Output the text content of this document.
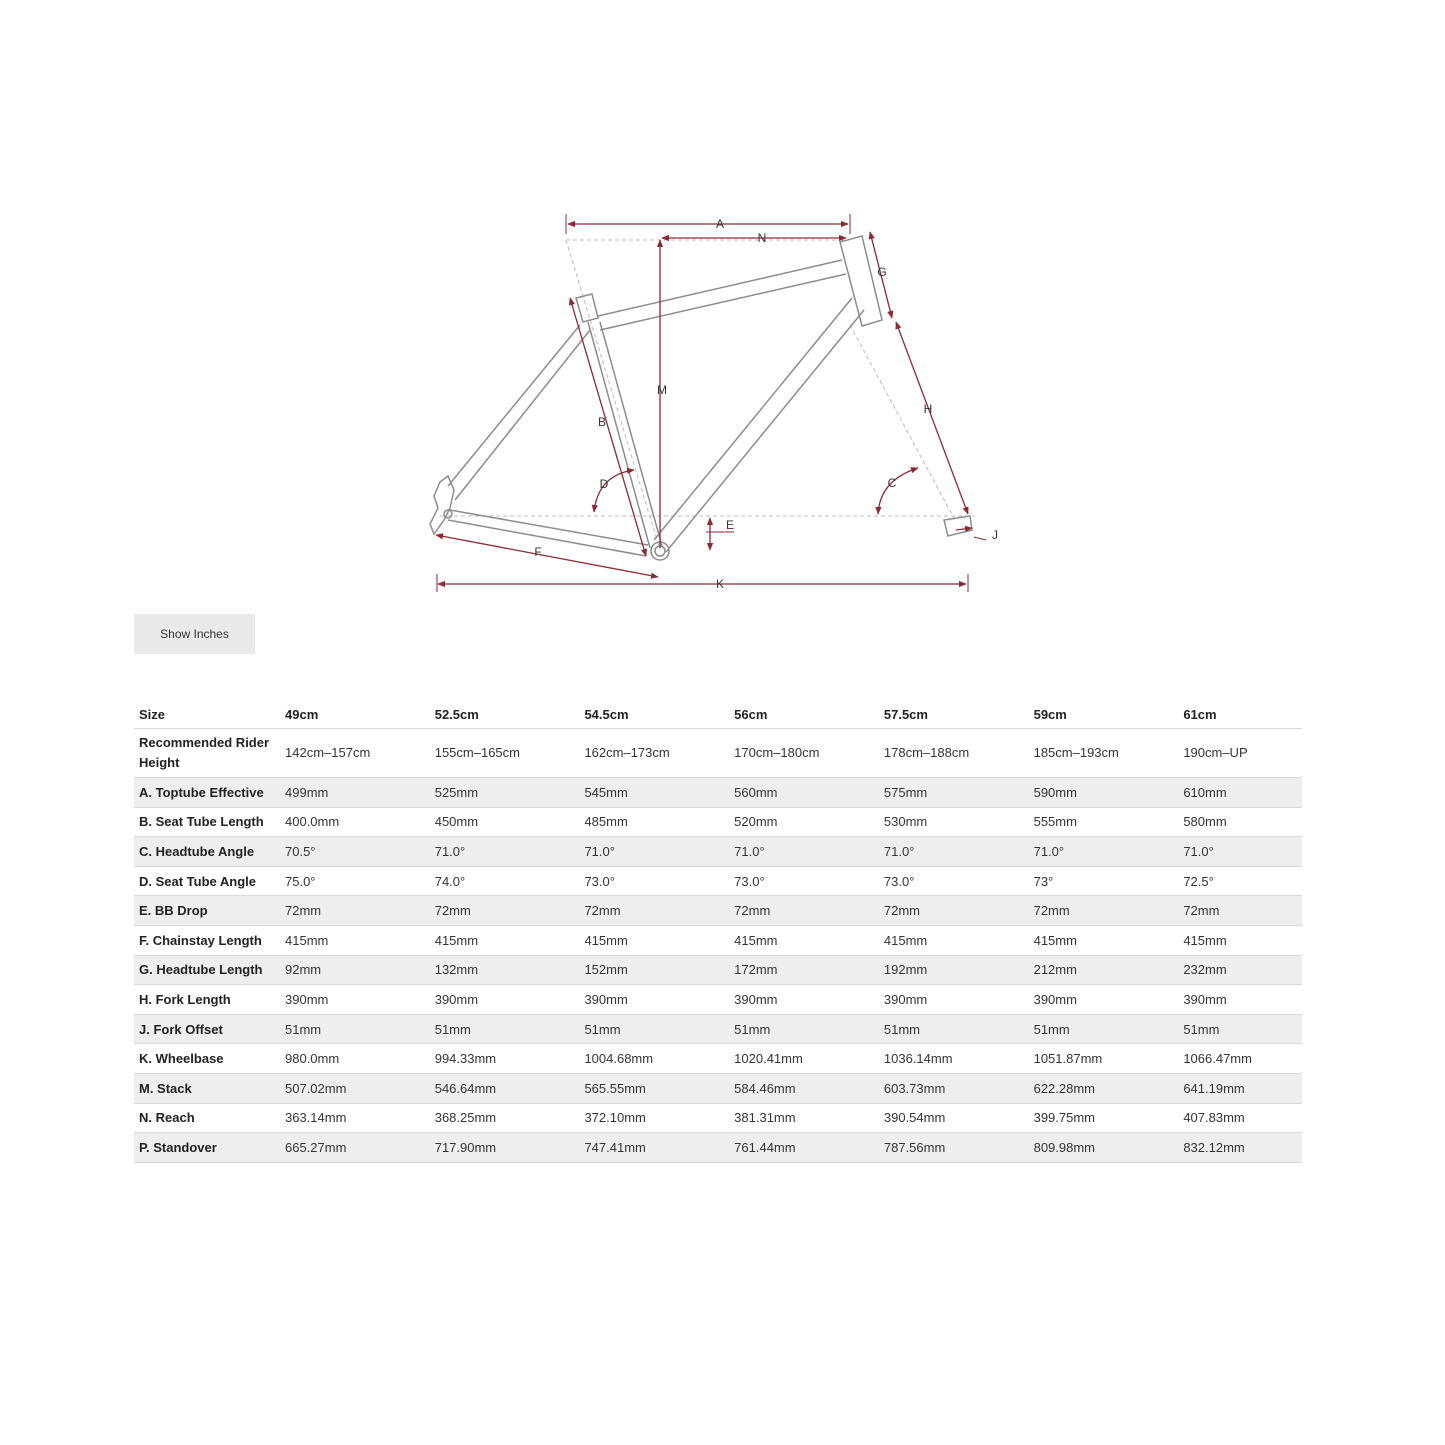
A
N
G
M
B
H
D	C
E
J
F
K
Show Inches
Size	49cm	52.5cm	54.5cm	56cm	57.5cm	59cm	61cm
Recommended Rider Height	142cm–157cm	155cm–165cm	162cm–173cm	170cm–180cm	178cm–188cm	185cm–193cm	190cm–UP
A. Toptube Effective	499mm	525mm	545mm	560mm	575mm	590mm	610mm
B. Seat Tube Length	400.0mm	450mm	485mm	520mm	530mm	555mm	580mm
C. Headtube Angle	70.5°	71.0°	71.0°	71.0°	71.0°	71.0°	71.0°
D. Seat Tube Angle	75.0°	74.0°	73.0°	73.0°	73.0°	73°	72.5°
E. BB Drop	72mm	72mm	72mm	72mm	72mm	72mm	72mm
F. Chainstay Length	415mm	415mm	415mm	415mm	415mm	415mm	415mm
G. Headtube Length	92mm	132mm	152mm	172mm	192mm	212mm	232mm
H. Fork Length	390mm	390mm	390mm	390mm	390mm	390mm	390mm
J. Fork Offset	51mm	51mm	51mm	51mm	51mm	51mm	51mm
K. Wheelbase	980.0mm	994.33mm	1004.68mm	1020.41mm	1036.14mm	1051.87mm	1066.47mm
M. Stack	507.02mm	546.64mm	565.55mm	584.46mm	603.73mm	622.28mm	641.19mm
N. Reach	363.14mm	368.25mm	372.10mm	381.31mm	390.54mm	399.75mm	407.83mm
P. Standover	665.27mm	717.90mm	747.41mm	761.44mm	787.56mm	809.98mm	832.12mm
